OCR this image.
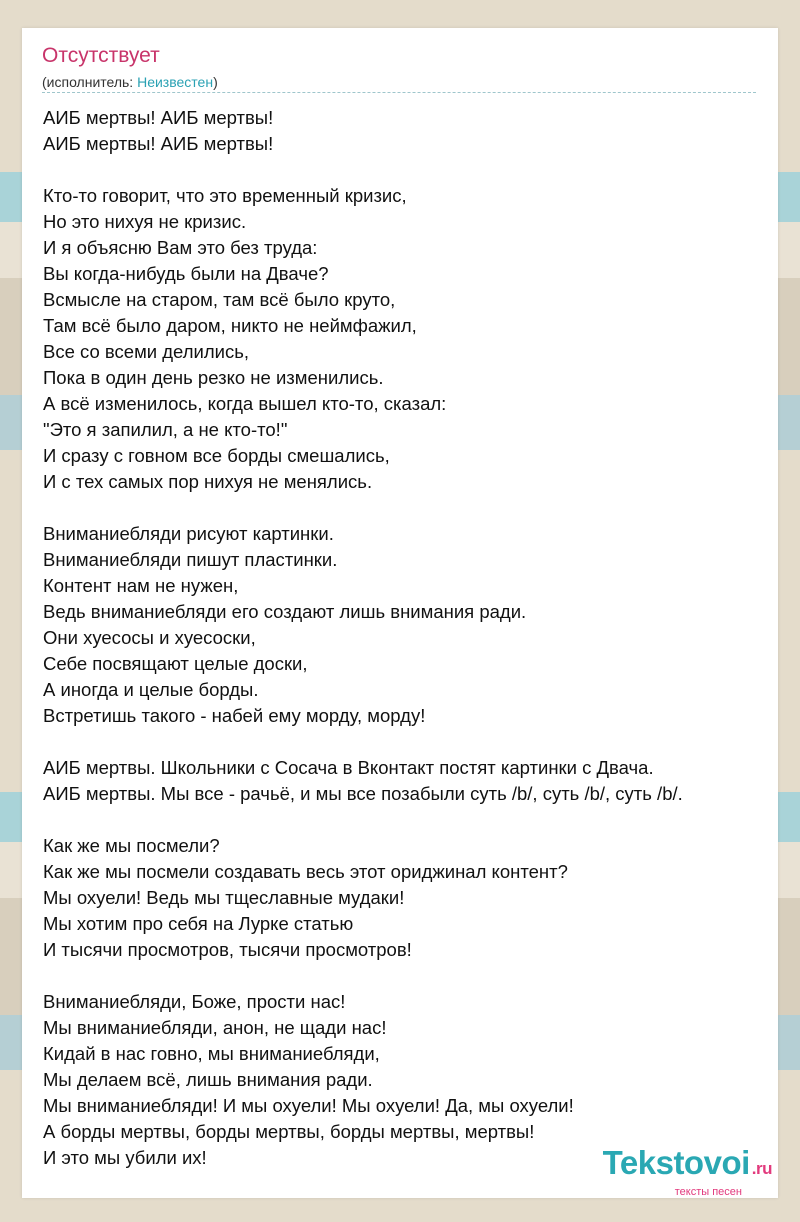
Отсутствует
(исполнитель: Неизвестен)
АИБ мертвы! АИБ мертвы!
АИБ мертвы! АИБ мертвы!
Кто-то говорит, что это временный кризис,
Но это нихуя не кризис.
И я объясню Вам это без труда:
Вы когда-нибудь были на Дваче?
Всмысле на старом, там всё было круто,
Там всё было даром, никто не неймфажил,
Все со всеми делились,
Пока в один день резко не изменились.
А всё изменилось, когда вышел кто-то, сказал:
"Это я запилил, а не кто-то!"
И сразу с говном все борды смешались,
И с тех самых пор нихуя не менялись.
Вниманиебляди рисуют картинки.
Вниманиебляди пишут пластинки.
Контент нам не нужен,
Ведь вниманиебляди его создают лишь внимания ради.
Они хуесосы и хуесоски,
Себе посвящают целые доски,
А иногда и целые борды.
Встретишь такого - набей ему морду, морду!
АИБ мертвы. Школьники с Сосача в Вконтакт постят картинки с Двача.
АИБ мертвы. Мы все - рачьё, и мы все позабыли суть /b/, суть /b/, суть /b/.
Как же мы посмели?
Как же мы посмели создавать весь этот ориджинал контент?
Мы охуели! Ведь мы тщеславные мудаки!
Мы хотим про себя на Лурке статью
И тысячи просмотров, тысячи просмотров!
Вниманиебляди, Боже, прости нас!
Мы вниманиебляди, анон, не щади нас!
Кидай в нас говно, мы вниманиебляди,
Мы делаем всё, лишь внимания ради.
Мы вниманиебляди! И мы охуели! Мы охуели! Да, мы охуели!
А борды мертвы, борды мертвы, борды мертвы, мертвы!
И это мы убили их!	Tekstovoi .ru
тексты песен
